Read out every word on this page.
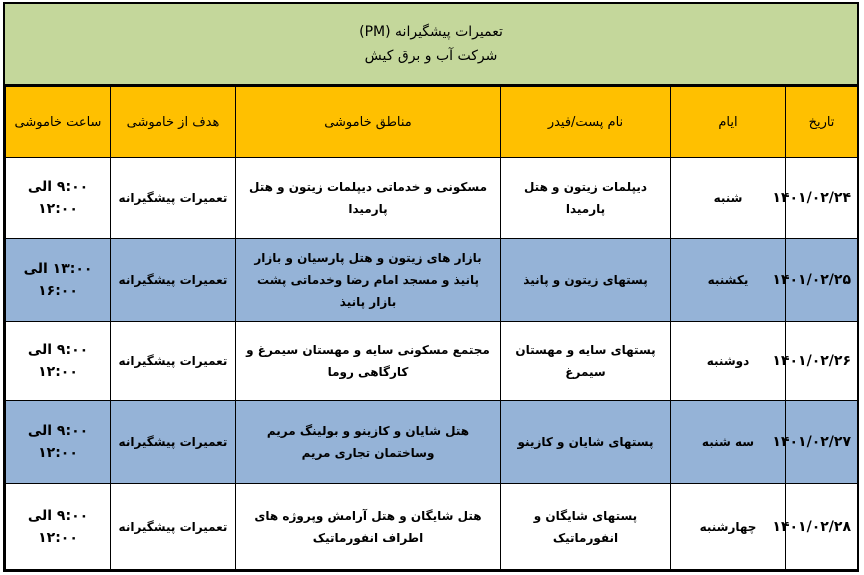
تعمیرات پیشگیرانه (PM)
شرکت آب و برق کیش
تاریخ	ایام	نام پست/فیدر	مناطق خاموشی	هدف از خاموشی	ساعت خاموشی
۱۴۰۱/۰۲/۲۴	شنبه	دیپلمات زیتون و هتل پارمیدا	مسکونی و خدماتی دیپلمات زیتون و هتل پارمیدا	تعمیرات پیشگیرانه	۹:۰۰ الی ۱۲:۰۰
۱۴۰۱/۰۲/۲۵	یکشنبه	پستهای زیتون و پانیذ	بازار های زیتون و هتل پارسیان و بازار پانیذ و مسجد امام رضا وخدماتی پشت بازار پانیذ	تعمیرات پیشگیرانه	۱۳:۰۰ الی ۱۶:۰۰
۱۴۰۱/۰۲/۲۶	دوشنبه	پستهای سایه و مهستان سیمرغ	مجتمع مسکونی سایه و مهستان سیمرغ و کارگاهی روما	تعمیرات پیشگیرانه	۹:۰۰ الی ۱۲:۰۰
۱۴۰۱/۰۲/۲۷	سه شنبه	پستهای شایان و کازینو	هتل شایان و کازینو و بولینگ مریم وساختمان تجاری مریم	تعمیرات پیشگیرانه	۹:۰۰ الی ۱۲:۰۰
۱۴۰۱/۰۲/۲۸	چهارشنبه	پستهای شایگان و انفورماتیک	هتل شایگان و هتل آرامش وپروژه های اطراف انفورماتیک	تعمیرات پیشگیرانه	۹:۰۰ الی ۱۲:۰۰
